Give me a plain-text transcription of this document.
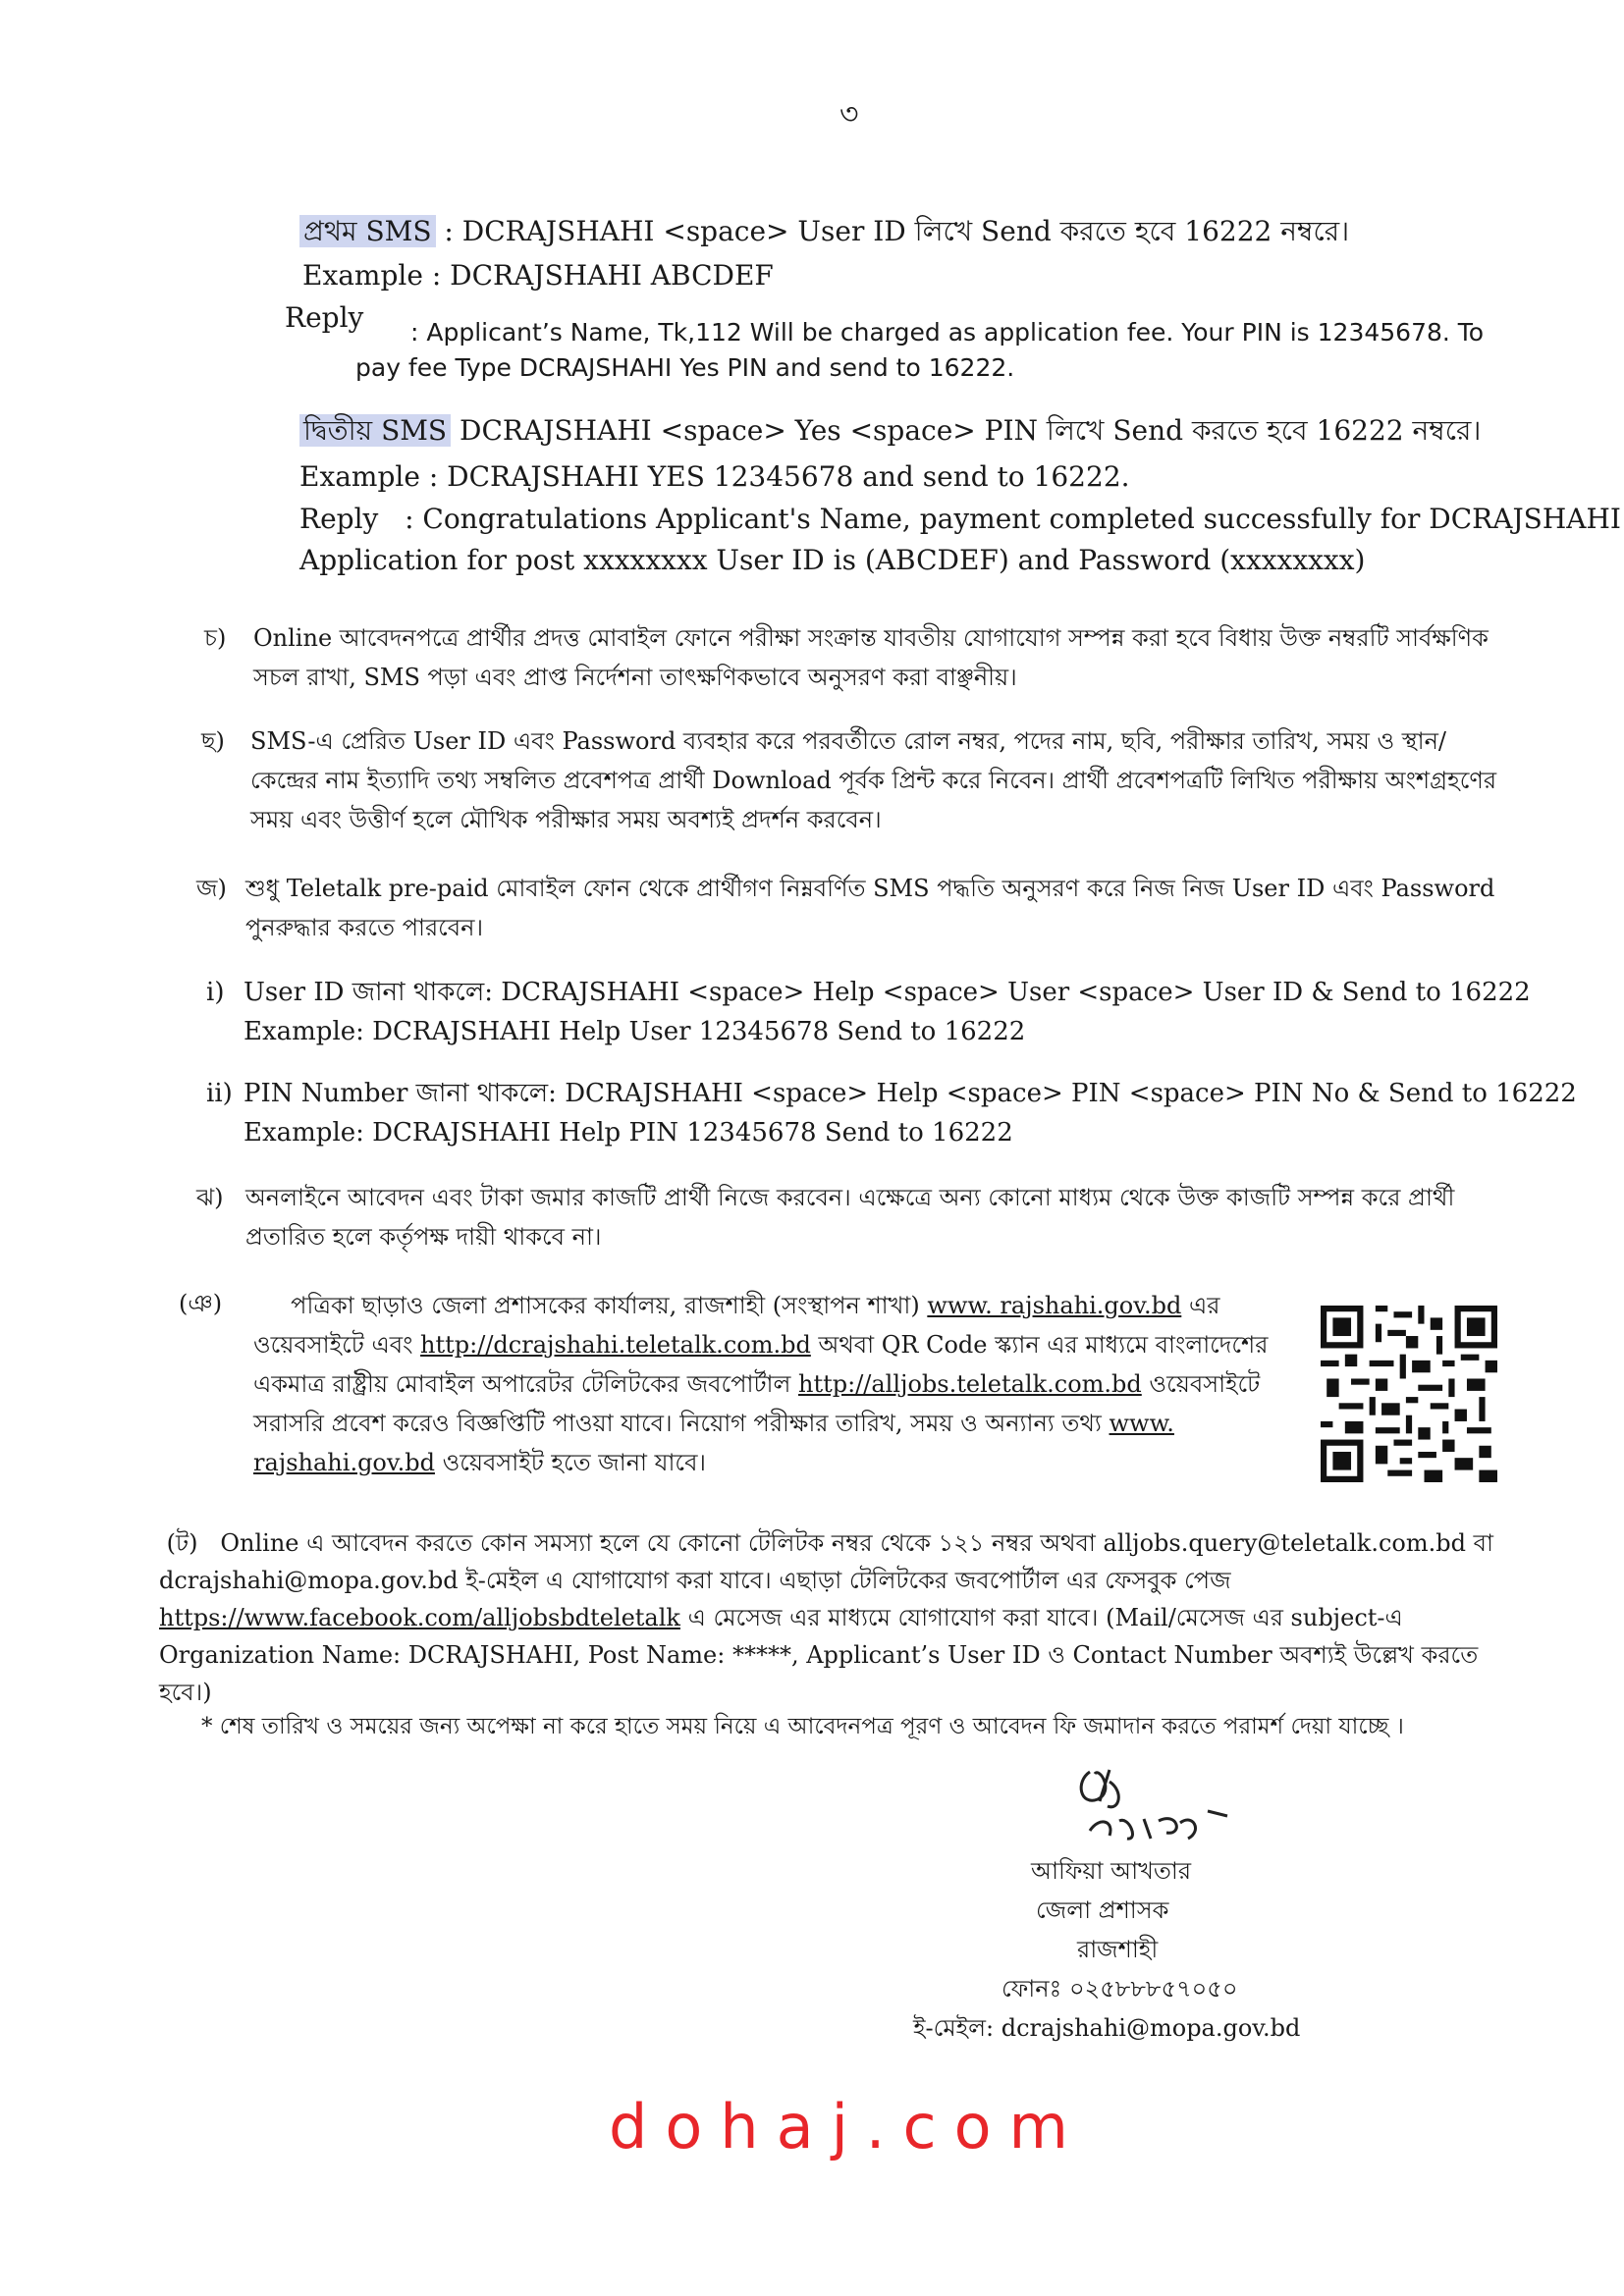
৩
প্রথম SMS : DCRAJSHAHI <space> User ID লিখে Send করতে হবে 16222 নম্বরে।
Example : DCRAJSHAHI ABCDEF
Reply : Applicant’s Name, Tk,112 Will be charged as application fee. Your PIN is 12345678. To
pay fee Type DCRAJSHAHI Yes PIN and send to 16222.
দ্বিতীয় SMS DCRAJSHAHI <space> Yes <space> PIN লিখে Send করতে হবে 16222 নম্বরে।
Example : DCRAJSHAHI YES 12345678 and send to 16222.
Reply : Congratulations Applicant's Name, payment completed successfully for DCRAJSHAHI
Application for post xxxxxxxx User ID is (ABCDEF) and Password (xxxxxxxx)
চ) Online আবেদনপত্রে প্রার্থীর প্রদত্ত মোবাইল ফোনে পরীক্ষা সংক্রান্ত যাবতীয় যোগাযোগ সম্পন্ন করা হবে বিধায় উক্ত নম্বরটি সার্বক্ষণিক সচল রাখা, SMS পড়া এবং প্রাপ্ত নির্দেশনা তাৎক্ষণিকভাবে অনুসরণ করা বাঞ্ছনীয়।
ছ) SMS-এ প্রেরিত User ID এবং Password ব্যবহার করে পরবর্তীতে রোল নম্বর, পদের নাম, ছবি, পরীক্ষার তারিখ, সময় ও স্থান/কেন্দ্রের নাম ইত্যাদি তথ্য সম্বলিত প্রবেশপত্র প্রার্থী Download পূর্বক প্রিন্ট করে নিবেন। প্রার্থী প্রবেশপত্রটি লিখিত পরীক্ষায় অংশগ্রহণের সময় এবং উত্তীর্ণ হলে মৌখিক পরীক্ষার সময় অবশ্যই প্রদর্শন করবেন।
জ) শুধু Teletalk pre-paid মোবাইল ফোন থেকে প্রার্থীগণ নিম্নবর্ণিত SMS পদ্ধতি অনুসরণ করে নিজ নিজ User ID এবং Password পুনরুদ্ধার করতে পারবেন।
i) User ID জানা থাকলে: DCRAJSHAHI <space> Help <space> User <space> User ID & Send to 16222
Example: DCRAJSHAHI Help User 12345678 Send to 16222
ii) PIN Number জানা থাকলে: DCRAJSHAHI <space> Help <space> PIN <space> PIN No & Send to 16222
Example: DCRAJSHAHI Help PIN 12345678 Send to 16222
ঝ) অনলাইনে আবেদন এবং টাকা জমার কাজটি প্রার্থী নিজে করবেন। এক্ষেত্রে অন্য কোনো মাধ্যম থেকে উক্ত কাজটি সম্পন্ন করে প্রার্থী প্রতারিত হলে কর্তৃপক্ষ দায়ী থাকবে না।
(ঞ)	পত্রিকা ছাড়াও জেলা প্রশাসকের কার্যালয়, রাজশাহী (সংস্থাপন শাখা) www. rajshahi.gov.bd এর ওয়েবসাইটে এবং http://dcrajshahi.teletalk.com.bd অথবা QR Code স্ক্যান এর মাধ্যমে বাংলাদেশের একমাত্র রাষ্ট্রীয় মোবাইল অপারেটর টেলিটকের জবপোর্টাল http://alljobs.teletalk.com.bd ওয়েবসাইটে সরাসরি প্রবেশ করেও বিজ্ঞপ্তিটি পাওয়া যাবে। নিয়োগ পরীক্ষার তারিখ, সময় ও অন্যান্য তথ্য www. rajshahi.gov.bd ওয়েবসাইট হতে জানা যাবে।
(ট) Online এ আবেদন করতে কোন সমস্যা হলে যে কোনো টেলিটক নম্বর থেকে ১২১ নম্বর অথবা alljobs.query@teletalk.com.bd বা dcrajshahi@mopa.gov.bd ই-মেইল এ যোগাযোগ করা যাবে। এছাড়া টেলিটকের জবপোর্টাল এর ফেসবুক পেজ https://www.facebook.com/alljobsbdteletalk এ মেসেজ এর মাধ্যমে যোগাযোগ করা যাবে। (Mail/মেসেজ এর subject-এ Organization Name: DCRAJSHAHI, Post Name: *****, Applicant’s User ID ও Contact Number অবশ্যই উল্লেখ করতে হবে।)
* শেষ তারিখ ও সময়ের জন্য অপেক্ষা না করে হাতে সময় নিয়ে এ আবেদনপত্র পূরণ ও আবেদন ফি জমাদান করতে পরামর্শ দেয়া যাচ্ছে ।
আফিয়া আখতার
জেলা প্রশাসক
রাজশাহী
ফোনঃ ০২৫৮৮৮৫৭০৫০
ই-মেইল: dcrajshahi@mopa.gov.bd
dohaj.com
